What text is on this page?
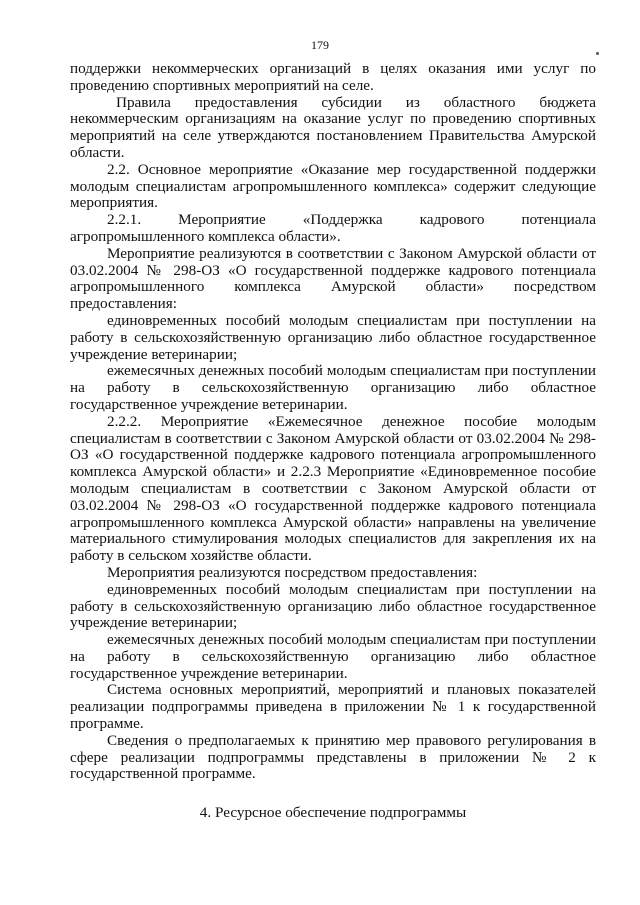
179

поддержки некоммерческих организаций в целях оказания ими услуг по проведению спортивных мероприятий на селе.

Правила предоставления субсидии из областного бюджета некоммерческим организациям на оказание услуг по проведению спортивных мероприятий на селе утверждаются постановлением Правительства Амурской области.

2.2. Основное мероприятие «Оказание мер государственной поддержки молодым специалистам агропромышленного комплекса» содержит следующие мероприятия.

2.2.1. Мероприятие «Поддержка кадрового потенциала агропромышленного комплекса области».

Мероприятие реализуются в соответствии с Законом Амурской области от 03.02.2004 № 298-ОЗ «О государственной поддержке кадрового потенциала агропромышленного комплекса Амурской области» посредством предоставления:

единовременных пособий молодым специалистам при поступлении на работу в сельскохозяйственную организацию либо областное государственное учреждение ветеринарии;

ежемесячных денежных пособий молодым специалистам при поступлении на работу в сельскохозяйственную организацию либо областное государственное учреждение ветеринарии.

2.2.2. Мероприятие «Ежемесячное денежное пособие молодым специалистам в соответствии с Законом Амурской области от 03.02.2004 № 298-ОЗ «О государственной поддержке кадрового потенциала агропромышленного комплекса Амурской области» и 2.2.3 Мероприятие «Единовременное пособие молодым специалистам в соответствии с Законом Амурской области от 03.02.2004 № 298-ОЗ «О государственной поддержке кадрового потенциала агропромышленного комплекса Амурской области» направлены на увеличение материального стимулирования молодых специалистов для закрепления их на работу в сельском хозяйстве области.

Мероприятия реализуются посредством предоставления:

единовременных пособий молодым специалистам при поступлении на работу в сельскохозяйственную организацию либо областное государственное учреждение ветеринарии;

ежемесячных денежных пособий молодым специалистам при поступлении на работу в сельскохозяйственную организацию либо областное государственное учреждение ветеринарии.

Система основных мероприятий, мероприятий и плановых показателей реализации подпрограммы приведена в приложении № 1 к государственной программе.

Сведения о предполагаемых к принятию мер правового регулирования в сфере реализации подпрограммы представлены в приложении № 2 к государственной программе.

4. Ресурсное обеспечение подпрограммы
